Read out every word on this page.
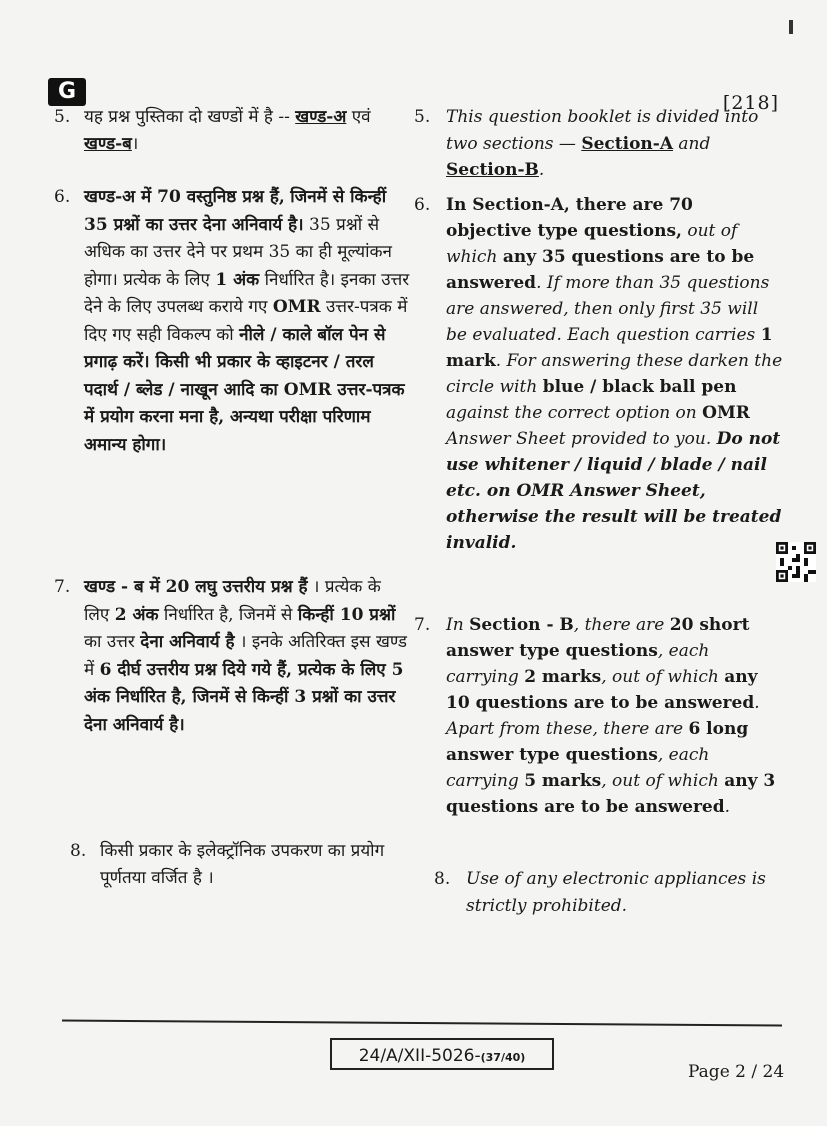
G	[218]
5. यह प्रश्न पुस्तिका दो खण्डों में है -- खण्ड-अ एवं खण्ड-ब।
6. खण्ड-अ में 70 वस्तुनिष्ठ प्रश्न हैं, जिनमें से किन्हीं 35 प्रश्नों का उत्तर देना अनिवार्य है। 35 प्रश्नों से अधिक का उत्तर देने पर प्रथम 35 का ही मूल्यांकन होगा। प्रत्येक के लिए 1 अंक निर्धारित है। इनका उत्तर देने के लिए उपलब्ध कराये गए OMR उत्तर-पत्रक में दिए गए सही विकल्प को नीले / काले बॉल पेन से प्रगाढ़ करें। किसी भी प्रकार के व्हाइटनर / तरल पदार्थ / ब्लेड / नाखून आदि का OMR उत्तर-पत्रक में प्रयोग करना मना है, अन्यथा परीक्षा परिणाम अमान्य होगा।
7. खण्ड - ब में 20 लघु उत्तरीय प्रश्न हैं । प्रत्येक के लिए 2 अंक निर्धारित है, जिनमें से किन्हीं 10 प्रश्नों का उत्तर देना अनिवार्य है । इनके अतिरिक्त इस खण्ड में 6 दीर्घ उत्तरीय प्रश्न दिये गये हैं, प्रत्येक के लिए 5 अंक निर्धारित है, जिनमें से किन्हीं 3 प्रश्नों का उत्तर देना अनिवार्य है।
8. किसी प्रकार के इलेक्ट्रॉनिक उपकरण का प्रयोग पूर्णतया वर्जित है ।
5. This question booklet is divided into two sections — Section-A and Section-B.
6. In Section-A, there are 70 objective type questions, out of which any 35 questions are to be answered. If more than 35 questions are answered, then only first 35 will be evaluated. Each question carries 1 mark. For answering these darken the circle with blue / black ball pen against the correct option on OMR Answer Sheet provided to you. Do not use whitener / liquid / blade / nail etc. on OMR Answer Sheet, otherwise the result will be treated invalid.
7. In Section - B, there are 20 short answer type questions, each carrying 2 marks, out of which any 10 questions are to be answered. Apart from these, there are 6 long answer type questions, each carrying 5 marks, out of which any 3 questions are to be answered.
8. Use of any electronic appliances is strictly prohibited.
24/A/XII-5026-(37/40)
Page 2 / 24
